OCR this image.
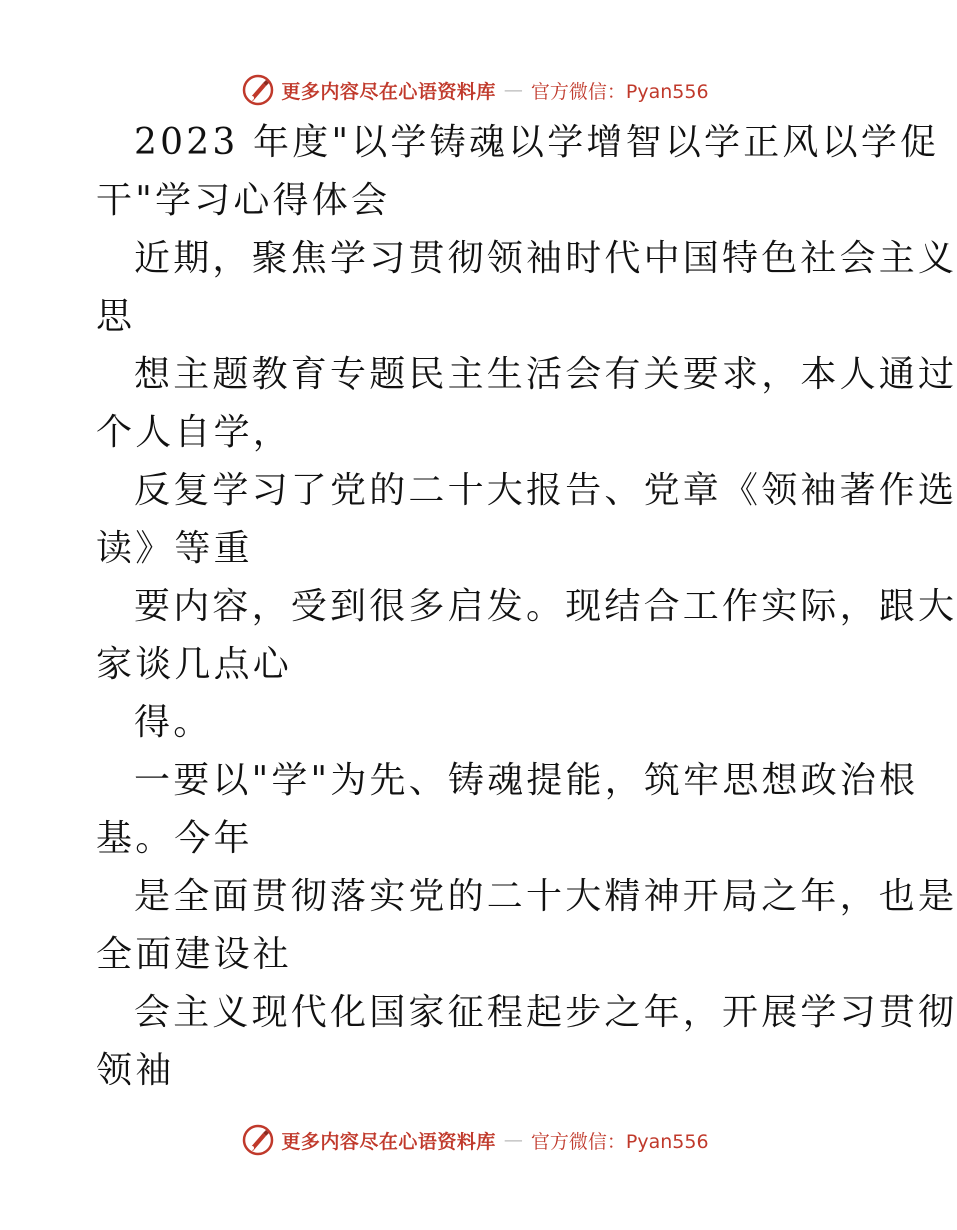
更多内容尽在心语资料库 — 官方微信：Pyan556
2023 年度"以学铸魂以学增智以学正风以学促
干"学习心得体会
近期，聚焦学习贯彻领袖时代中国特色社会主义
思
想主题教育专题民主生活会有关要求，本人通过
个人自学，
反复学习了党的二十大报告、党章《领袖著作选
读》等重
要内容，受到很多启发。现结合工作实际，跟大
家谈几点心
得。
一要以"学"为先、铸魂提能，筑牢思想政治根
基。今年
是全面贯彻落实党的二十大精神开局之年，也是
全面建设社
会主义现代化国家征程起步之年，开展学习贯彻
领袖
更多内容尽在心语资料库 — 官方微信：Pyan556
